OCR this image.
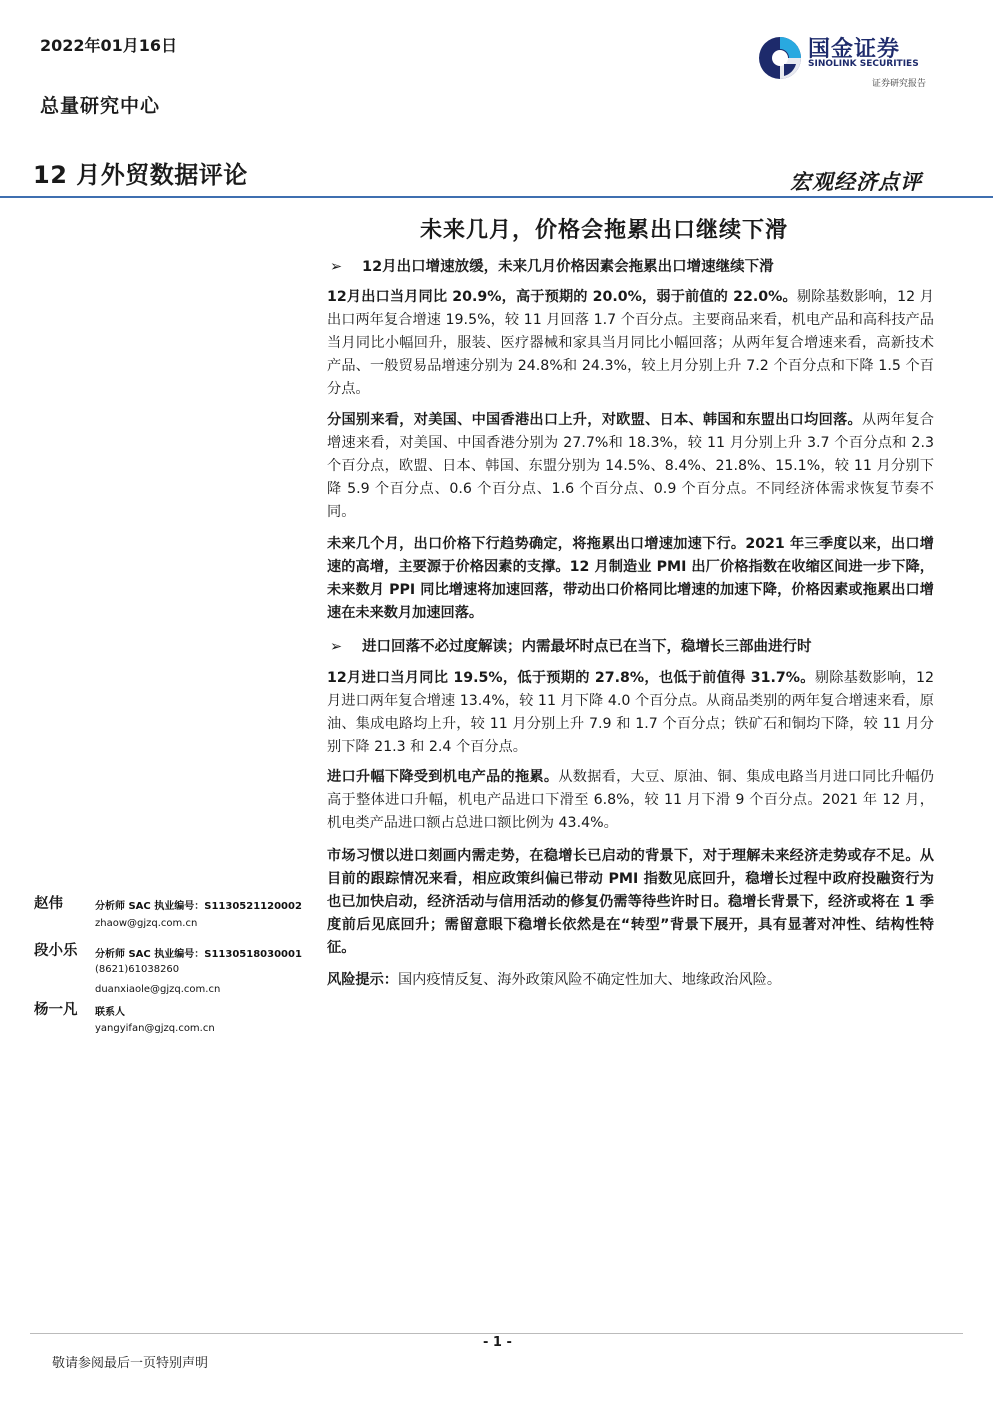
2022年01月16日
总量研究中心
国金证券
SINOLINK SECURITIES
证券研究报告
12 月外贸数据评论	宏观经济点评
未来几月，价格会拖累出口继续下滑
➢ 12月出口增速放缓，未来几月价格因素会拖累出口增速继续下滑
12月出口当月同比 20.9%，高于预期的 20.0%，弱于前值的 22.0%。剔除基数影响，12 月出口两年复合增速 19.5%，较 11 月回落 1.7 个百分点。主要商品来看，机电产品和高科技产品当月同比小幅回升，服装、医疗器械和家具当月同比小幅回落；从两年复合增速来看，高新技术产品、一般贸易品增速分别为 24.8%和 24.3%，较上月分别上升 7.2 个百分点和下降 1.5 个百分点。
分国别来看，对美国、中国香港出口上升，对欧盟、日本、韩国和东盟出口均回落。从两年复合增速来看，对美国、中国香港分别为 27.7%和 18.3%，较 11 月分别上升 3.7 个百分点和 2.3 个百分点，欧盟、日本、韩国、东盟分别为 14.5%、8.4%、21.8%、15.1%，较 11 月分别下降 5.9 个百分点、0.6 个百分点、1.6 个百分点、0.9 个百分点。不同经济体需求恢复节奏不同。
未来几个月，出口价格下行趋势确定，将拖累出口增速加速下行。2021 年三季度以来，出口增速的高增，主要源于价格因素的支撑。12 月制造业 PMI 出厂价格指数在收缩区间进一步下降，未来数月 PPI 同比增速将加速回落，带动出口价格同比增速的加速下降，价格因素或拖累出口增速在未来数月加速回落。
➢ 进口回落不必过度解读；内需最坏时点已在当下，稳增长三部曲进行时
12月进口当月同比 19.5%，低于预期的 27.8%，也低于前值得 31.7%。剔除基数影响，12 月进口两年复合增速 13.4%，较 11 月下降 4.0 个百分点。从商品类别的两年复合增速来看，原油、集成电路均上升，较 11 月分别上升 7.9 和 1.7 个百分点；铁矿石和铜均下降，较 11 月分别下降 21.3 和 2.4 个百分点。
进口升幅下降受到机电产品的拖累。从数据看，大豆、原油、铜、集成电路当月进口同比升幅仍高于整体进口升幅，机电产品进口下滑至 6.8%，较 11 月下滑 9 个百分点。2021 年 12 月，机电类产品进口额占总进口额比例为 43.4%。
市场习惯以进口刻画内需走势，在稳增长已启动的背景下，对于理解未来经济走势或存不足。从目前的跟踪情况来看，相应政策纠偏已带动 PMI 指数见底回升，稳增长过程中政府投融资行为也已加快启动，经济活动与信用活动的修复仍需等待些许时日。稳增长背景下，经济或将在 1 季度前后见底回升；需留意眼下稳增长依然是在“转型”背景下展开，具有显著对冲性、结构性特征。
风险提示：国内疫情反复、海外政策风险不确定性加大、地缘政治风险。
赵伟	分析师 SAC 执业编号：S1130521120002
zhaow@gjzq.com.cn
段小乐 分析师 SAC 执业编号：S1130518030001
(8621)61038260
duanxiaole@gjzq.com.cn
杨一凡 联系人
yangyifan@gjzq.com.cn
- 1 -
敬请参阅最后一页特别声明
